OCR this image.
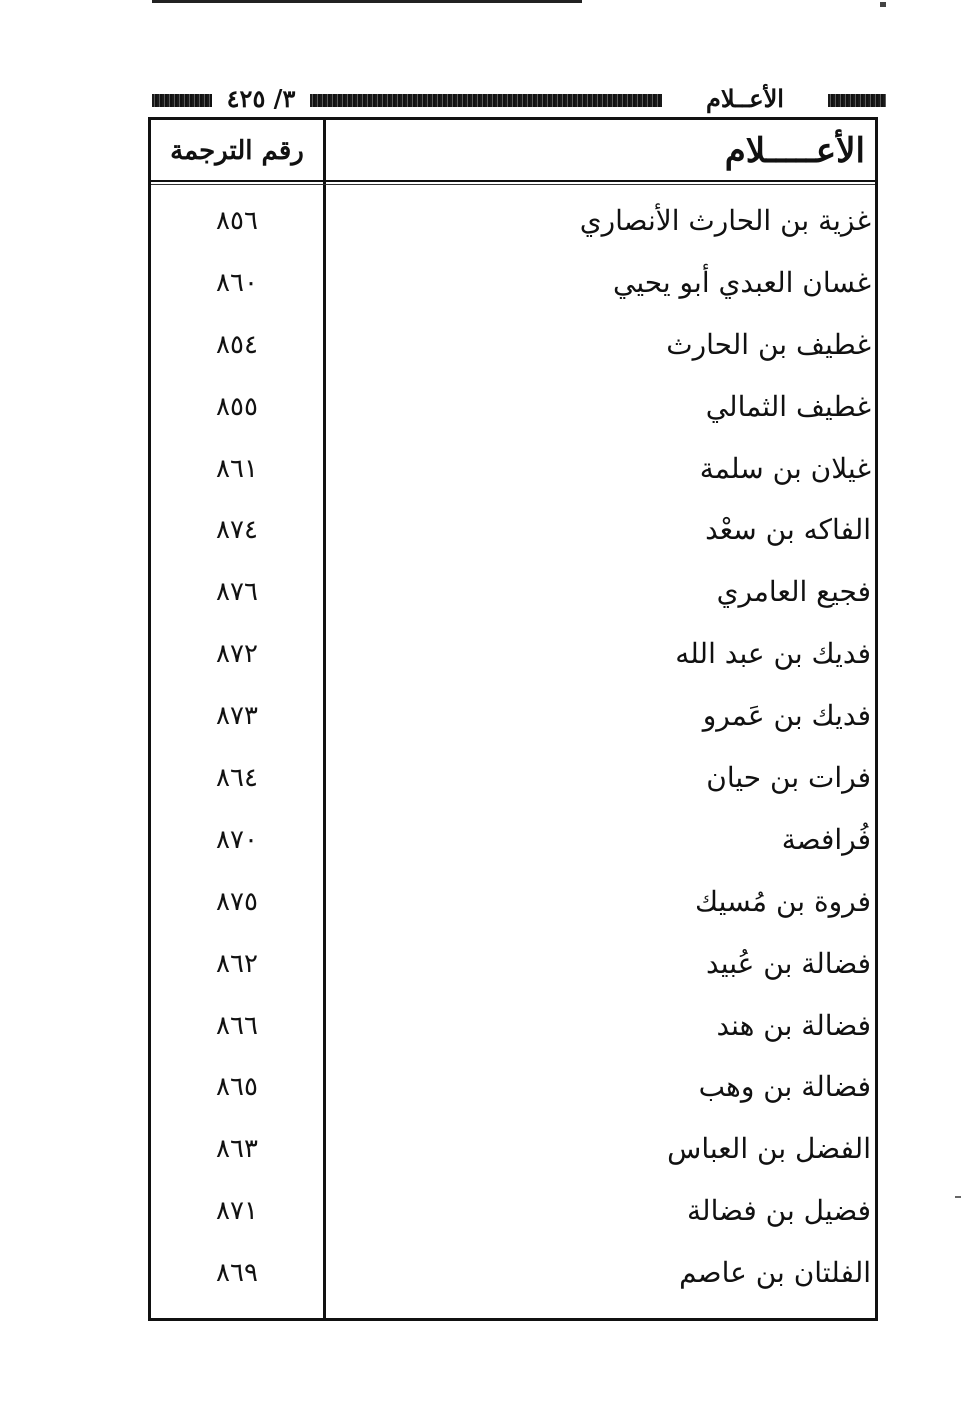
٣/ ٤٢٥	الأعــلام
رقم الترجمة	الأعـــــلام
غزية بن الحارث الأنصاري
٨٥٦
غسان العبدي أبو يحيي
٨٦٠
غطيف بن الحارث
٨٥٤
غطيف الثمالي
٨٥٥
غيلان بن سلمة
٨٦١
الفاكه بن سعْد
٨٧٤
فجيع العامري
٨٧٦
فديك بن عبد الله
٨٧٢
فديك بن عَمرو
٨٧٣
فرات بن حيان
٨٦٤
فُرافصة
٨٧٠
فروة بن مُسيك
٨٧٥
فضالة بن عُبيد
٨٦٢
فضالة بن هند
٨٦٦
فضالة بن وهب
٨٦٥
الفضل بن العباس
٨٦٣
فضيل بن فضالة
٨٧١
الفلتان بن عاصم
٨٦٩
